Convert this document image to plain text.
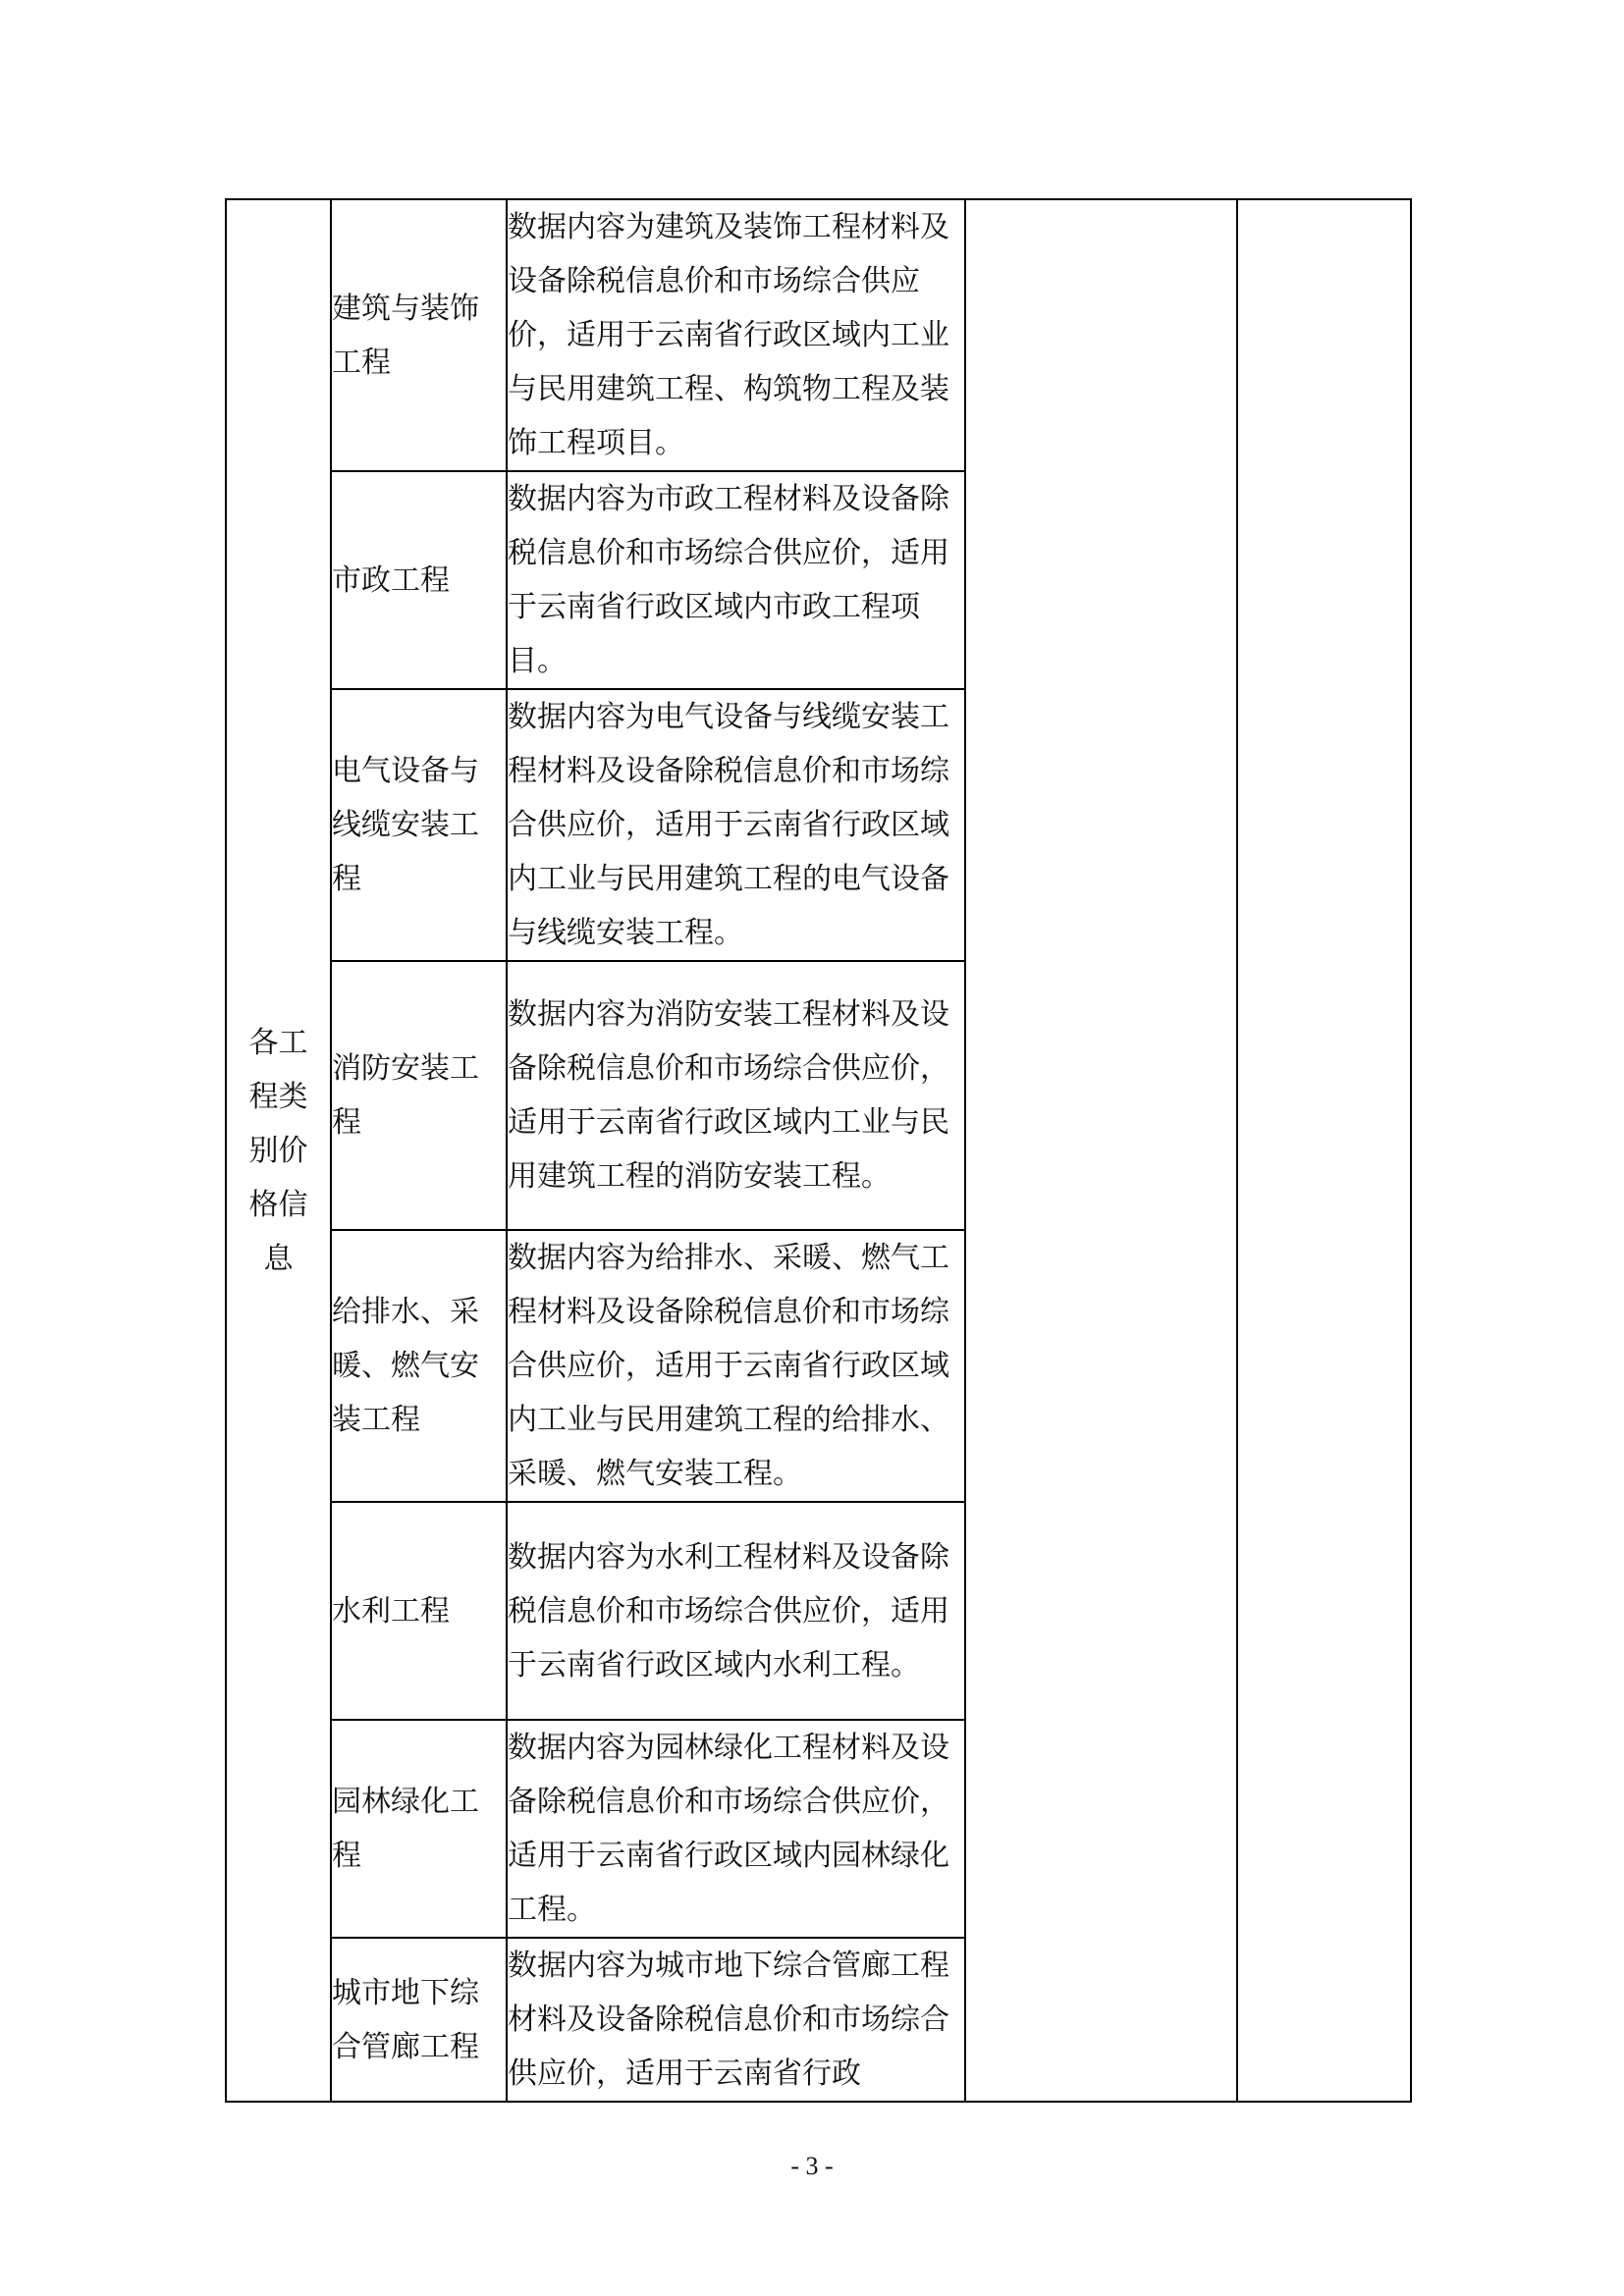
各工程类别价格信息	建筑与装饰工程	数据内容为建筑及装饰工程材料及设备除税信息价和市场综合供应价，适用于云南省行政区域内工业与民用建筑工程、构筑物工程及装饰工程项目。		
	市政工程	数据内容为市政工程材料及设备除税信息价和市场综合供应价，适用于云南省行政区域内市政工程项目。		
	电气设备与线缆安装工程	数据内容为电气设备与线缆安装工程材料及设备除税信息价和市场综合供应价，适用于云南省行政区域内工业与民用建筑工程的电气设备与线缆安装工程。		
	消防安装工程	数据内容为消防安装工程材料及设备除税信息价和市场综合供应价，适用于云南省行政区域内工业与民用建筑工程的消防安装工程。		
	给排水、采暖、燃气安装工程	数据内容为给排水、采暖、燃气工程材料及设备除税信息价和市场综合供应价，适用于云南省行政区域内工业与民用建筑工程的给排水、采暖、燃气安装工程。		
	水利工程	数据内容为水利工程材料及设备除税信息价和市场综合供应价，适用于云南省行政区域内水利工程。		
	园林绿化工程	数据内容为园林绿化工程材料及设备除税信息价和市场综合供应价，适用于云南省行政区域内园林绿化工程。		
	城市地下综合管廊工程	数据内容为城市地下综合管廊工程材料及设备除税信息价和市场综合供应价，适用于云南省行政		
- 3 -
